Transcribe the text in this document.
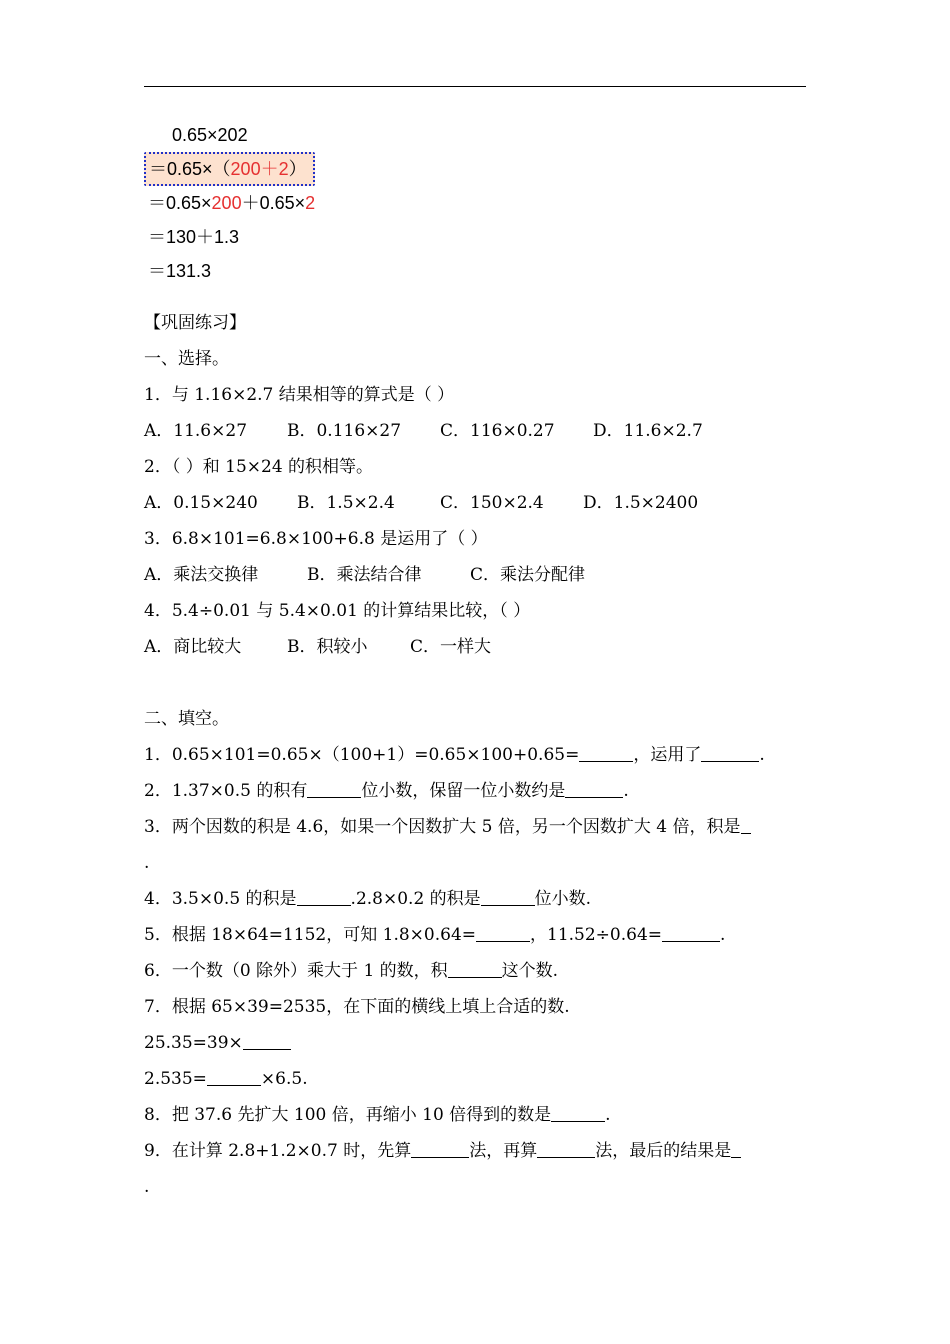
0.65×202
＝0.65×（200＋2）
＝0.65×200＋0.65×2
＝130＋1.3
＝131.3
【巩固练习】
一、选择。
1．与 1.16×2.7 结果相等的算式是（ ）
A．11.6×27 B．0.116×27 C．116×0.27 D．11.6×2.7
2．（ ）和 15×24 的积相等。
A．0.15×240 B．1.5×2.4	C．150×2.4 D．1.5×2400
3．6.8×101=6.8×100+6.8 是运用了（ ）
A．乘法交换律	B．乘法结合律	C．乘法分配律
4．5.4÷0.01 与 5.4×0.01 的计算结果比较，（ ）
A．商比较大	B．积较小	C．一样大
二、填空。
1．0.65×101=0.65×（100+1）=0.65×100+0.65=	，运用了	.
2．1.37×0.5 的积有	位小数，保留一位小数约是	.
3．两个因数的积是 4.6，如果一个因数扩大 5 倍，另一个因数扩大 4 倍，积是
.
4．3.5×0.5 的积是	.2.8×0.2 的积是	位小数.
5．根据 18×64=1152，可知 1.8×0.64=	，11.52÷0.64=	.
6．一个数（0 除外）乘大于 1 的数，积	这个数.
7．根据 65×39=2535，在下面的横线上填上合适的数.
25.35=39×
2.535=	×6.5.
8．把 37.6 先扩大 100 倍，再缩小 10 倍得到的数是	.
9．在计算 2.8+1.2×0.7 时，先算	法，再算	法，最后的结果是
.
